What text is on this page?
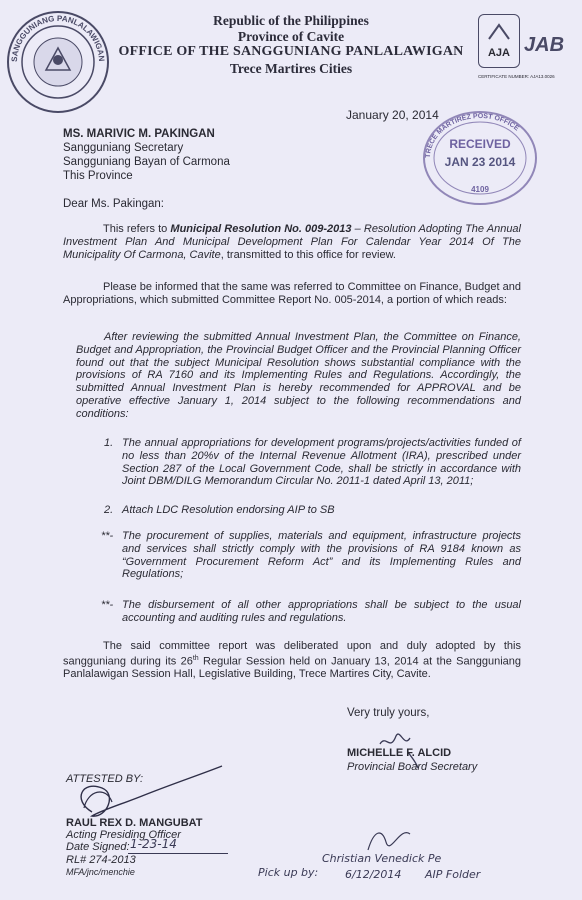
SANGGUNIANG PANLALAWIGAN
Republic of the Philippines
Province of Cavite
OFFICE OF THE SANGGUNIANG PANLALAWIGAN
Trece Martires Cities
AJA JAB
CERTIFICATE NUMBER: AJA13.0026
January 20, 2014
TRECE MARTIREZ POST OFFICE
RECEIVED
JAN 23 2014
4109
MS. MARIVIC M. PAKINGAN
Sangguniang Secretary
Sangguniang Bayan of Carmona
This Province
Dear Ms. Pakingan:
This refers to Municipal Resolution No. 009-2013 – Resolution Adopting The Annual Investment Plan And Municipal Development Plan For Calendar Year 2014 Of The Municipality Of Carmona, Cavite, transmitted to this office for review.
Please be informed that the same was referred to Committee on Finance, Budget and Appropriations, which submitted Committee Report No. 005-2014, a portion of which reads:
After reviewing the submitted Annual Investment Plan, the Committee on Finance, Budget and Appropriation, the Provincial Budget Officer and the Provincial Planning Officer found out that the subject Municipal Resolution shows substantial compliance with the provisions of RA 7160 and its Implementing Rules and Regulations. Accordingly, the submitted Annual Investment Plan is hereby recommended for APPROVAL and be operative effective January 1, 2014 subject to the following recommendations and conditions:
1. The annual appropriations for development programs/projects/activities funded of no less than 20%v of the Internal Revenue Allotment (IRA), prescribed under Section 287 of the Local Government Code, shall be strictly in accordance with Joint DBM/DILG Memorandum Circular No. 2011-1 dated April 13, 2011;
2. Attach LDC Resolution endorsing AIP to SB
**- The procurement of supplies, materials and equipment, infrastructure projects and services shall strictly comply with the provisions of RA 9184 known as “Government Procurement Reform Act” and its Implementing Rules and Regulations;
**- The disbursement of all other appropriations shall be subject to the usual accounting and auditing rules and regulations.
The said committee report was deliberated upon and duly adopted by this sangguniang during its 26th Regular Session held on January 13, 2014 at the Sangguniang Panlalawigan Session Hall, Legislative Building, Trece Martires City, Cavite.
Very truly yours,
MICHELLE F. ALCID
Provincial Board Secretary
ATTESTED BY:
RAUL REX D. MANGUBAT
Acting Presiding Officer
Date Signed: 1-23-14
RL# 274-2013
MFA/jnc/menchie	Pick up by:
Christian Venedick Pe
6/12/2014 AIP Folder
